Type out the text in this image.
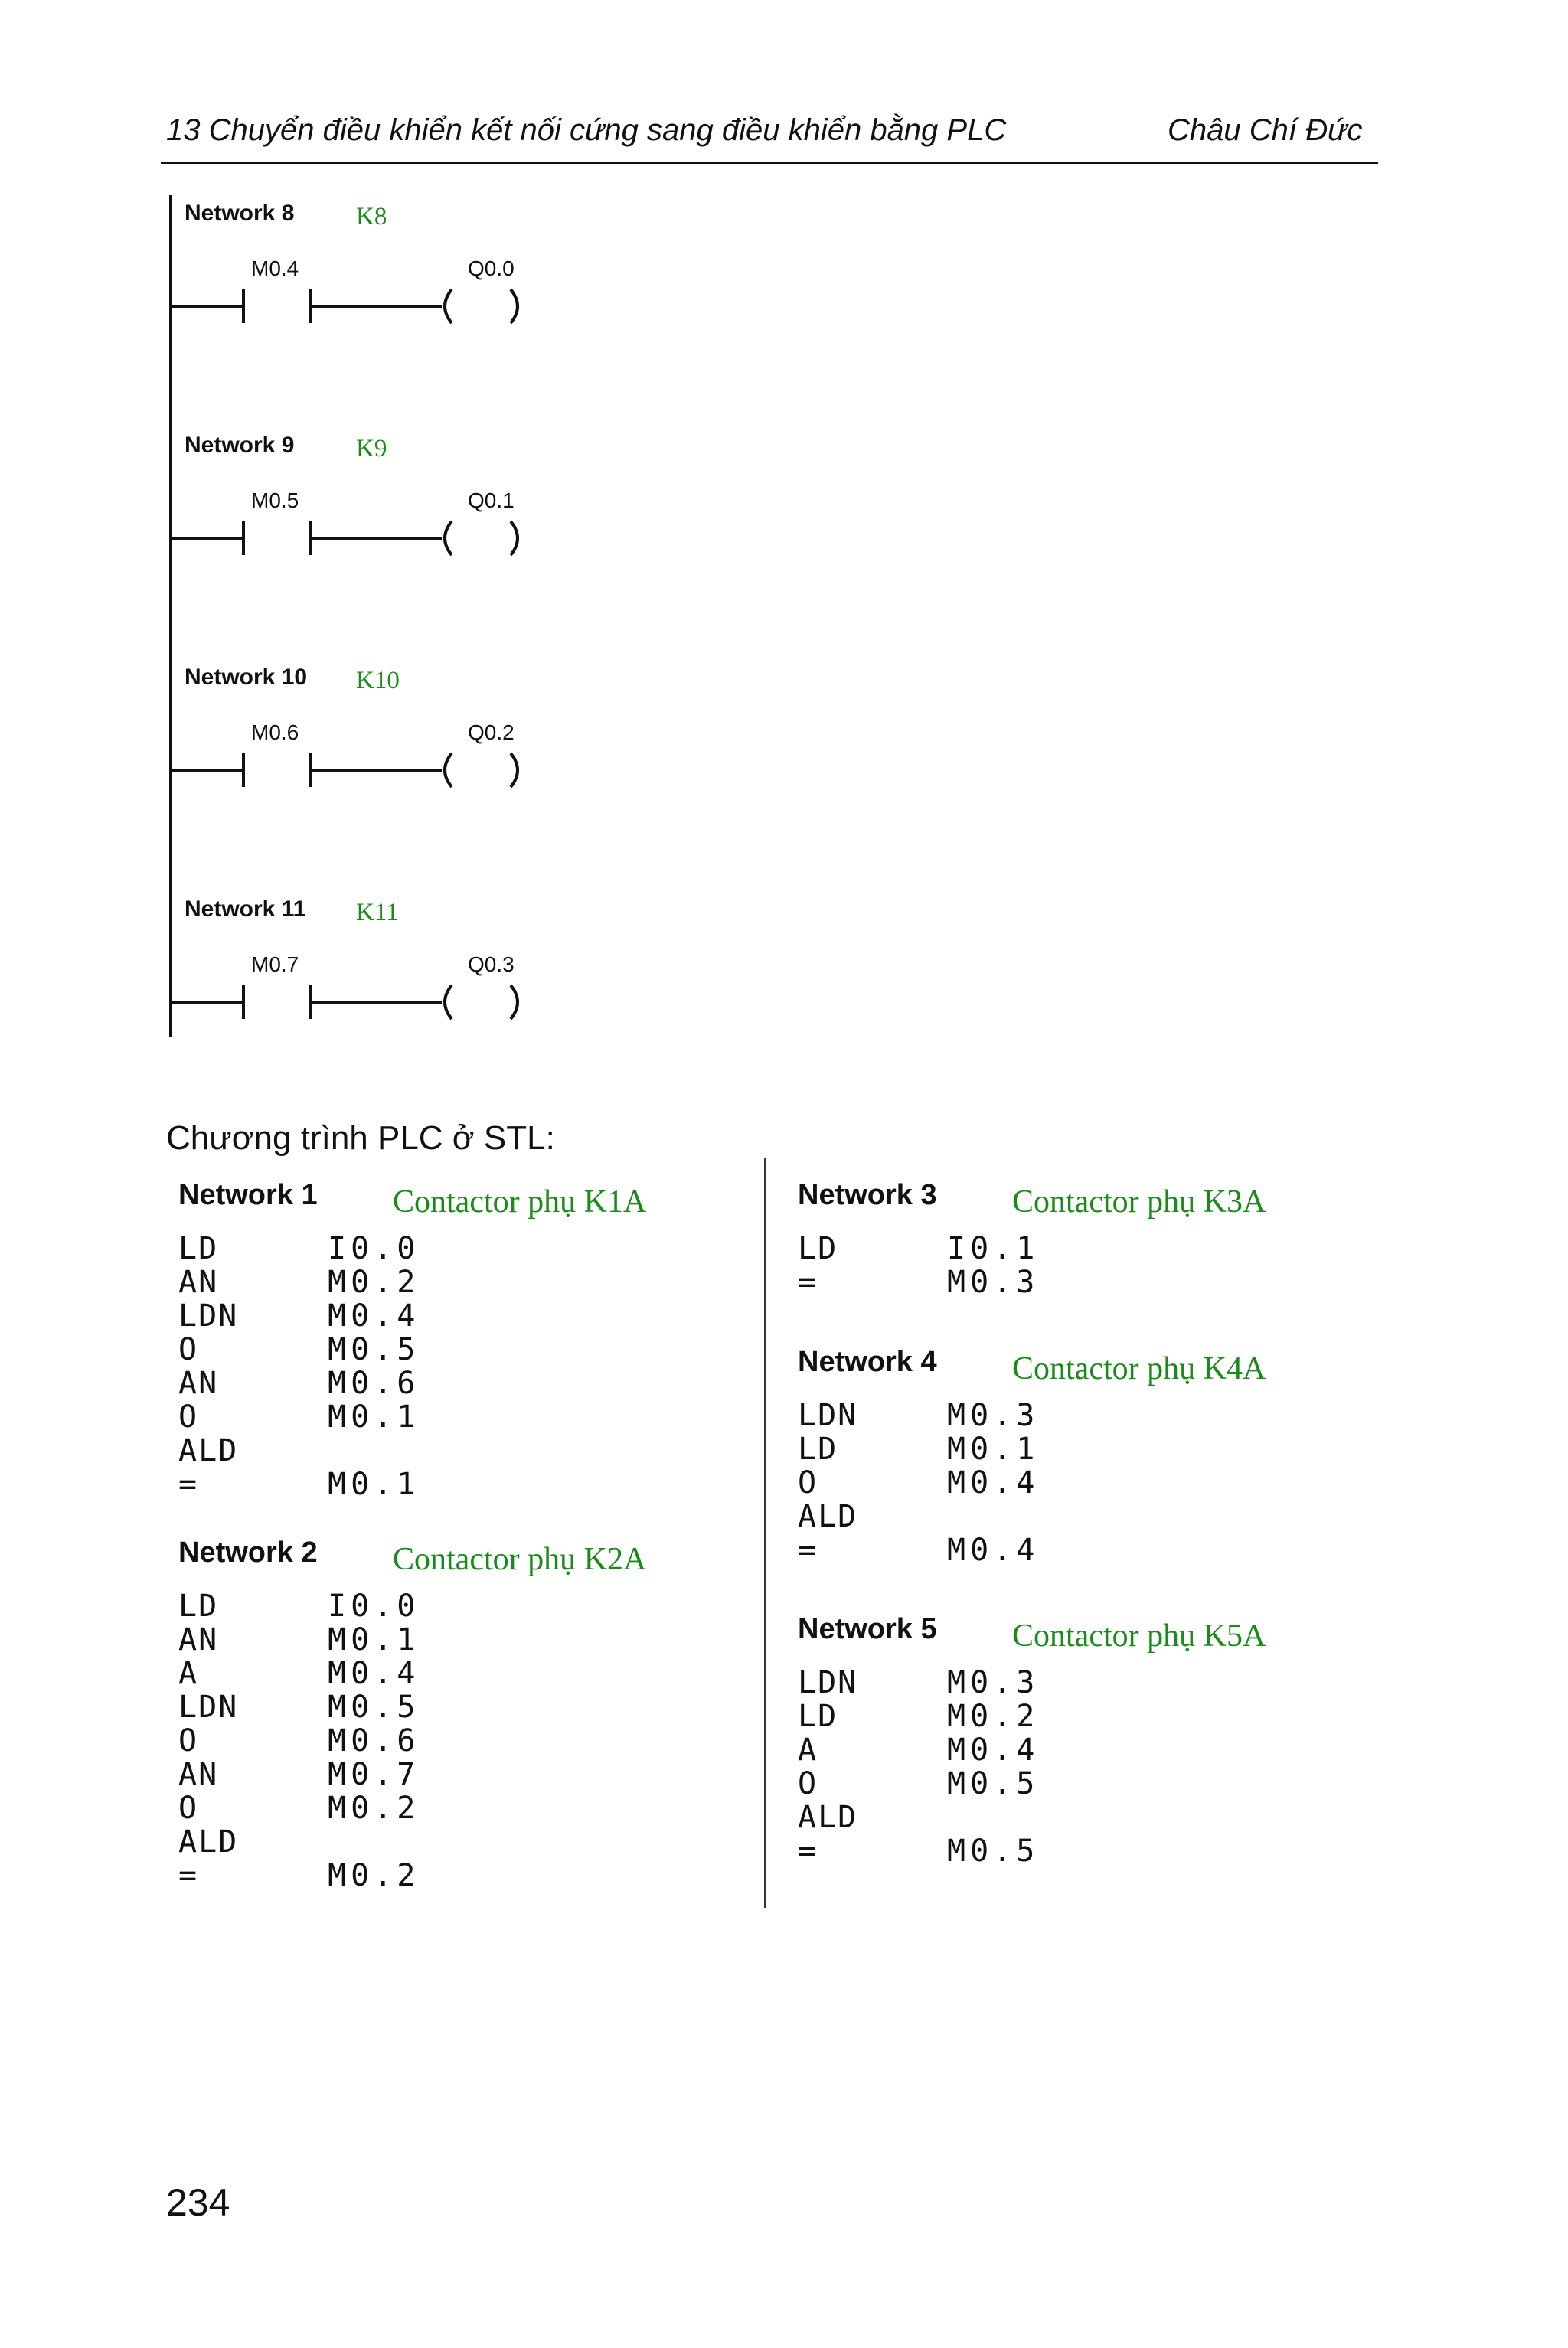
13 Chuyển điều khiển kết nối cứng sang điều khiển bằng PLC	Châu Chí Đức
Network 8 K8
M0.4	Q0.0
Network 9 K9
M0.5	Q0.1
Network 10 K10
M0.6	Q0.2
Network 11 K11
M0.7	Q0.3
Chương trình PLC ở STL:
Network 1 Contactor phụ K1A
LD	I0.0
AN	M0.2
LDN	M0.4
O	M0.5
AN	M0.6
O	M0.1
ALD
=	M0.1
Network 2 Contactor phụ K2A
LD	I0.0
AN	M0.1
A	M0.4
LDN	M0.5
O	M0.6
AN	M0.7
O	M0.2
ALD
=	M0.2
Network 3 Contactor phụ K3A
LD	I0.1
=	M0.3
Network 4 Contactor phụ K4A
LDN	M0.3
LD	M0.1
O	M0.4
ALD
=	M0.4
Network 5 Contactor phụ K5A
LDN	M0.3
LD	M0.2
A	M0.4
O	M0.5
ALD
=	M0.5
234
